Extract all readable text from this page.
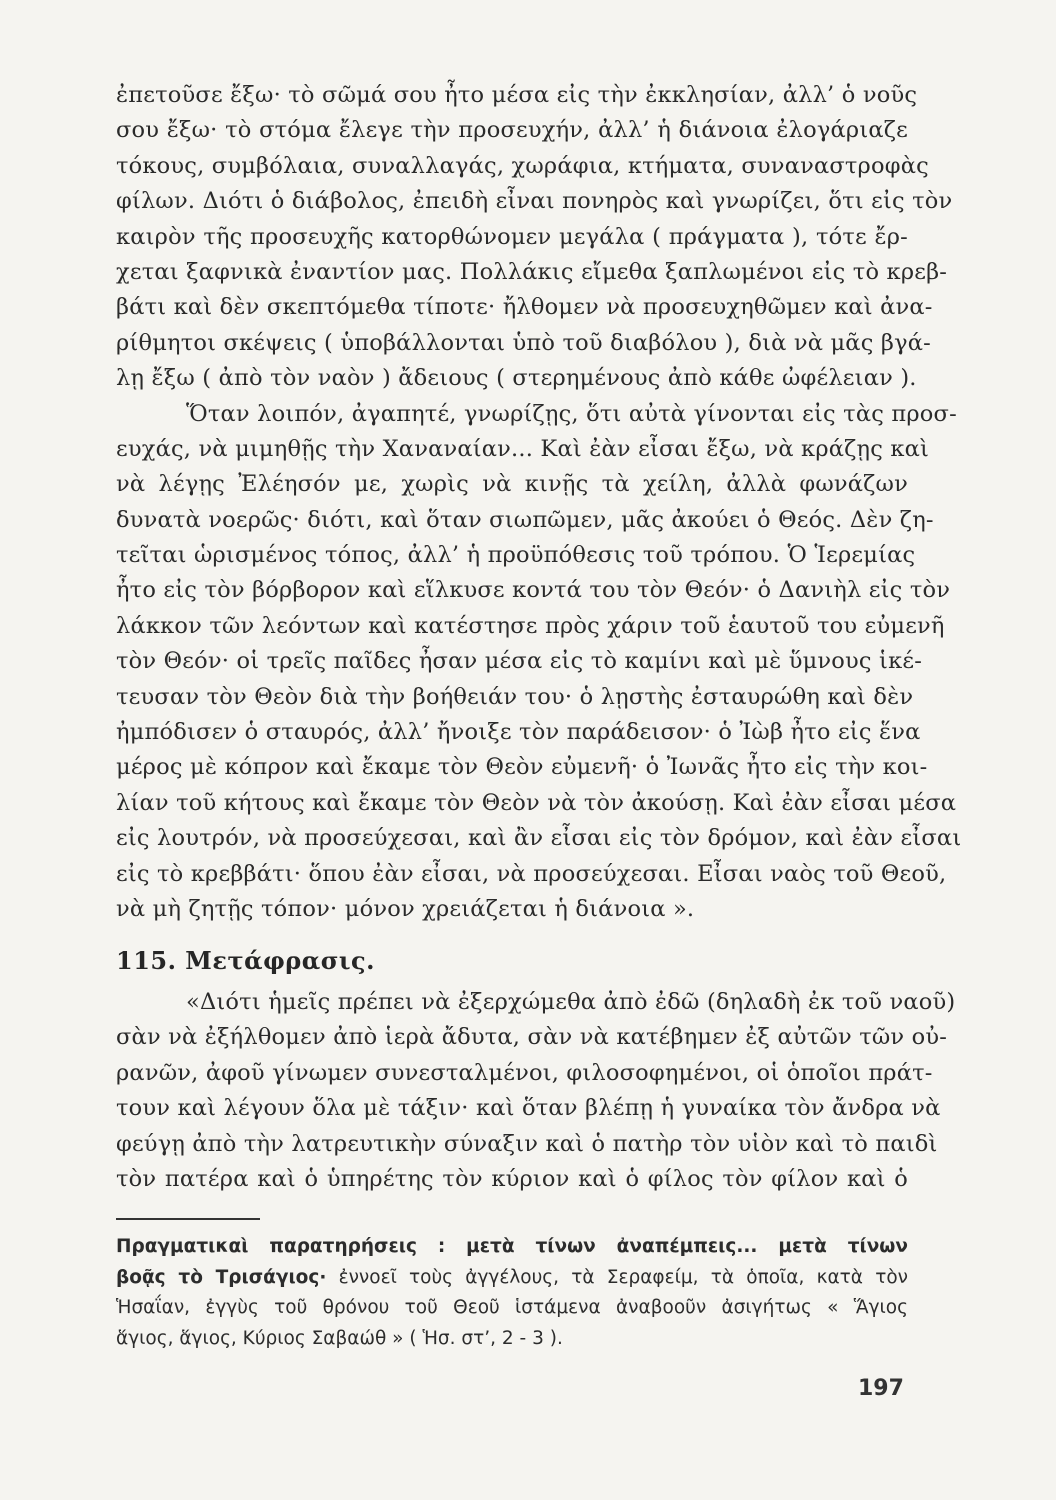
ἐπετοῦσε ἔξω· τὸ σῶμά σου ἦτο μέσα εἰς τὴν ἐκκλησίαν, ἀλλ’ ὁ νοῦς
σου ἔξω· τὸ στόμα ἔλεγε τὴν προσευχήν, ἀλλ’ ἡ διάνοια ἐλογάριαζε
τόκους, συμβόλαια, συναλλαγάς, χωράφια, κτήματα, συναναστροφὰς
φίλων. Διότι ὁ διάβολος, ἐπειδὴ εἶναι πονηρὸς καὶ γνωρίζει, ὅτι εἰς τὸν
καιρὸν τῆς προσευχῆς κατορθώνομεν μεγάλα ( πράγματα ), τότε ἔρ-
χεται ξαφνικὰ ἐναντίον μας. Πολλάκις εἴμεθα ξαπλωμένοι εἰς τὸ κρεβ-
βάτι καὶ δὲν σκεπτόμεθα τίποτε· ἤλθομεν νὰ προσευχηθῶμεν καὶ ἀνα-
ρίθμητοι σκέψεις ( ὑποβάλλονται ὑπὸ τοῦ διαβόλου ), διὰ νὰ μᾶς βγά-
λῃ ἔξω ( ἀπὸ τὸν ναὸν ) ἄδειους ( στερημένους ἀπὸ κάθε ὠφέλειαν ).
Ὅταν λοιπόν, ἀγαπητέ, γνωρίζῃς, ὅτι αὐτὰ γίνονται εἰς τὰς προσ-
ευχάς, νὰ μιμηθῇς τὴν Χαναναίαν... Καὶ ἐὰν εἶσαι ἔξω, νὰ κράζῃς καὶ
νὰ λέγῃς Ἐλέησόν με, χωρὶς νὰ κινῇς τὰ χείλη, ἀλλὰ φωνάζων
δυνατὰ νοερῶς· διότι, καὶ ὅταν σιωπῶμεν, μᾶς ἀκούει ὁ Θεός. Δὲν ζη-
τεῖται ὡρισμένος τόπος, ἀλλ’ ἡ προϋπόθεσις τοῦ τρόπου. Ὁ Ἱερεμίας
ἦτο εἰς τὸν βόρβορον καὶ εἵλκυσε κοντά του τὸν Θεόν· ὁ Δανιὴλ εἰς τὸν
λάκκον τῶν λεόντων καὶ κατέστησε πρὸς χάριν τοῦ ἑαυτοῦ του εὐμενῆ
τὸν Θεόν· οἱ τρεῖς παῖδες ἦσαν μέσα εἰς τὸ καμίνι καὶ μὲ ὕμνους ἱκέ-
τευσαν τὸν Θεὸν διὰ τὴν βοήθειάν του· ὁ λῃστὴς ἐσταυρώθη καὶ δὲν
ἠμπόδισεν ὁ σταυρός, ἀλλ’ ἤνοιξε τὸν παράδεισον· ὁ Ἰὼβ ἦτο εἰς ἕνα
μέρος μὲ κόπρον καὶ ἔκαμε τὸν Θεὸν εὐμενῆ· ὁ Ἰωνᾶς ἦτο εἰς τὴν κοι-
λίαν τοῦ κήτους καὶ ἔκαμε τὸν Θεὸν νὰ τὸν ἀκούσῃ. Καὶ ἐὰν εἶσαι μέσα
εἰς λουτρόν, νὰ προσεύχεσαι, καὶ ἂν εἶσαι εἰς τὸν δρόμον, καὶ ἐὰν εἶσαι
εἰς τὸ κρεββάτι· ὅπου ἐὰν εἶσαι, νὰ προσεύχεσαι. Εἶσαι ναὸς τοῦ Θεοῦ,
νὰ μὴ ζητῇς τόπον· μόνον χρειάζεται ἡ διάνοια ».
115. Μετάφρασις.
«Διότι ἡμεῖς πρέπει νὰ ἐξερχώμεθα ἀπὸ ἐδῶ (δηλαδὴ ἐκ τοῦ ναοῦ)
σὰν νὰ ἐξήλθομεν ἀπὸ ἱερὰ ἄδυτα, σὰν νὰ κατέβημεν ἐξ αὐτῶν τῶν οὐ-
ρανῶν, ἀφοῦ γίνωμεν συνεσταλμένοι, φιλοσοφημένοι, οἱ ὁποῖοι πράτ-
τουν καὶ λέγουν ὅλα μὲ τάξιν· καὶ ὅταν βλέπῃ ἡ γυναίκα τὸν ἄνδρα νὰ
φεύγῃ ἀπὸ τὴν λατρευτικὴν σύναξιν καὶ ὁ πατὴρ τὸν υἱὸν καὶ τὸ παιδὶ
τὸν πατέρα καὶ ὁ ὑπηρέτης τὸν κύριον καὶ ὁ φίλος τὸν φίλον καὶ ὁ
Πραγματικαὶ παρατηρήσεις : μετὰ τίνων ἀναπέμπεις... μετὰ τίνων
βοᾷς τὸ Τρισάγιος· ἐννοεῖ τοὺς ἀγγέλους, τὰ Σεραφείμ, τὰ ὁποῖα, κατὰ τὸν
Ἡσαΐαν, ἐγγὺς τοῦ θρόνου τοῦ Θεοῦ ἱστάμενα ἀναβοοῦν ἀσιγήτως « Ἅγιος
ἅγιος, ἅγιος, Κύριος Σαβαώθ » ( Ἡσ. στ’, 2 - 3 ).
197
